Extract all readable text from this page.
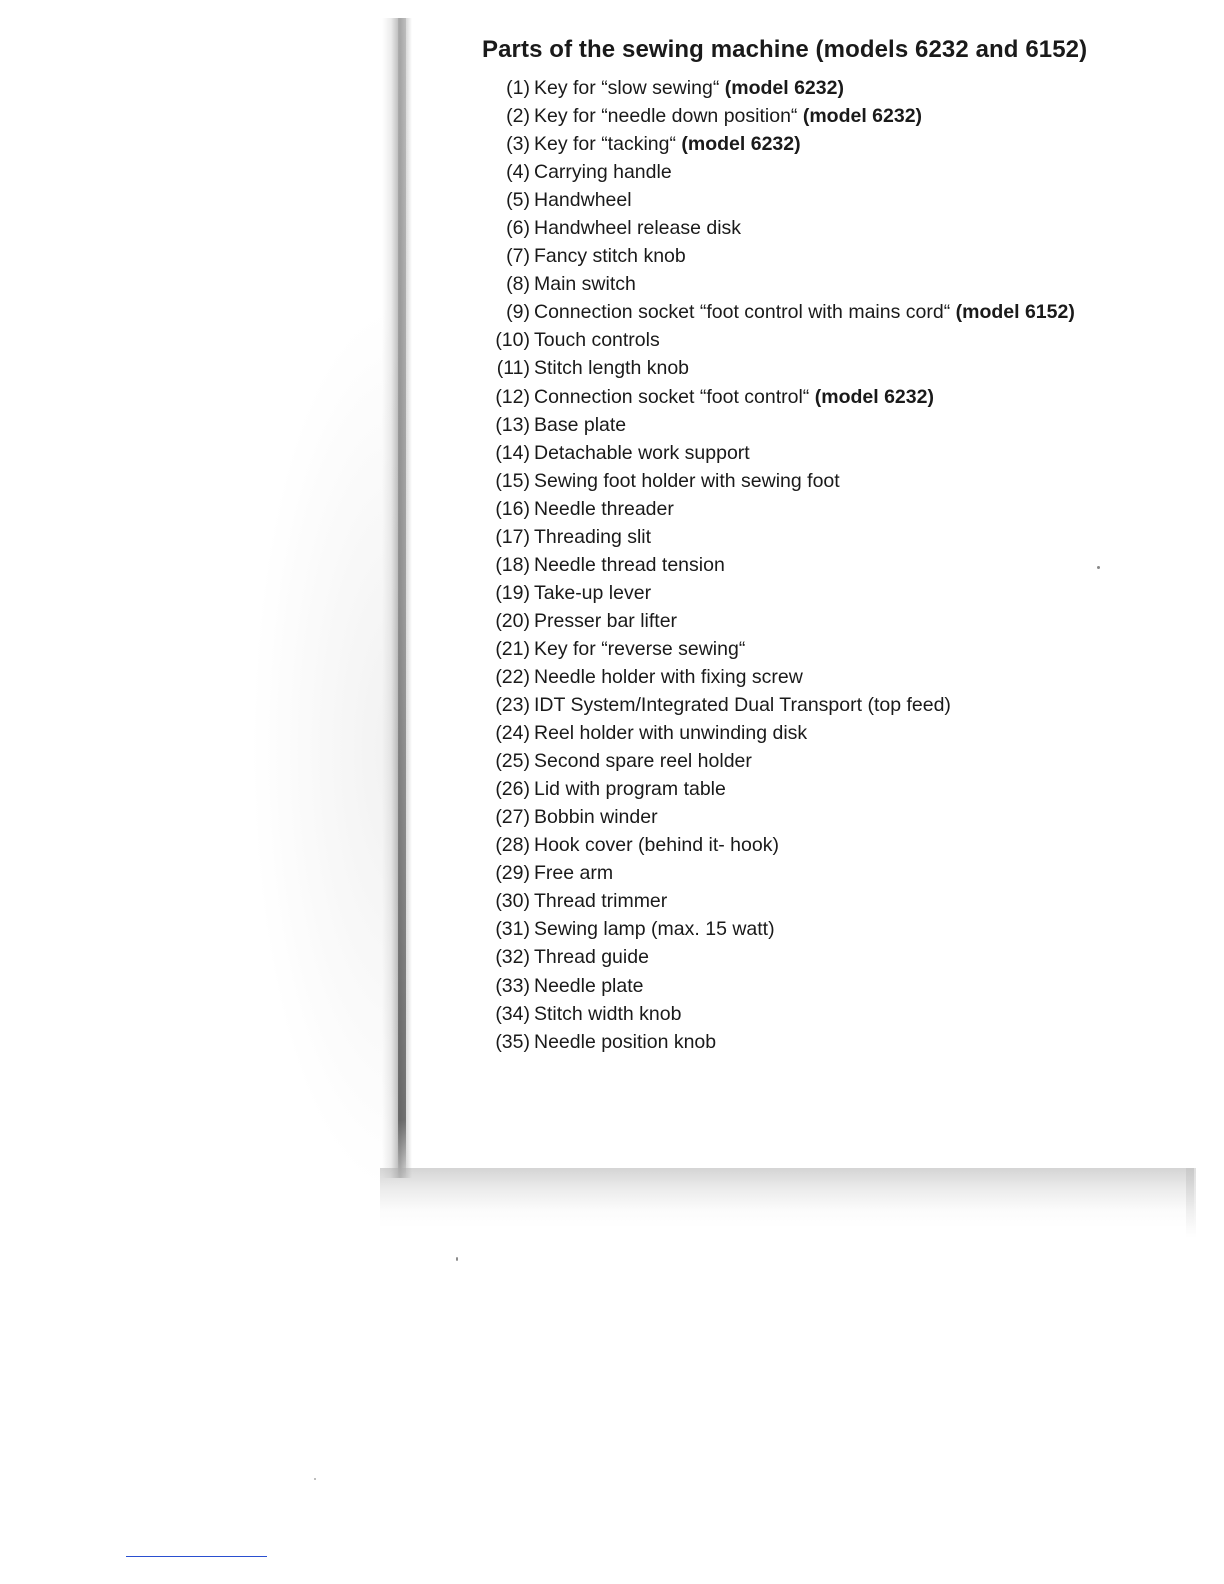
Parts of the sewing machine (models 6232 and 6152)
(1) Key for “slow sewing“ (model 6232)
(2) Key for “needle down position“ (model 6232)
(3) Key for “tacking“ (model 6232)
(4) Carrying handle
(5) Handwheel
(6) Handwheel release disk
(7) Fancy stitch knob
(8) Main switch
(9) Connection socket “foot control with mains cord“ (model 6152)
(10) Touch controls
(11) Stitch length knob
(12) Connection socket “foot control“ (model 6232)
(13) Base plate
(14) Detachable work support
(15) Sewing foot holder with sewing foot
(16) Needle threader
(17) Threading slit
(18) Needle thread tension
(19) Take-up lever
(20) Presser bar lifter
(21) Key for “reverse sewing“
(22) Needle holder with fixing screw
(23) IDT System/Integrated Dual Transport (top feed)
(24) Reel holder with unwinding disk
(25) Second spare reel holder
(26) Lid with program table
(27) Bobbin winder
(28) Hook cover (behind it- hook)
(29) Free arm
(30) Thread trimmer
(31) Sewing lamp (max. 15 watt)
(32) Thread guide
(33) Needle plate
(34) Stitch width knob
(35) Needle position knob
